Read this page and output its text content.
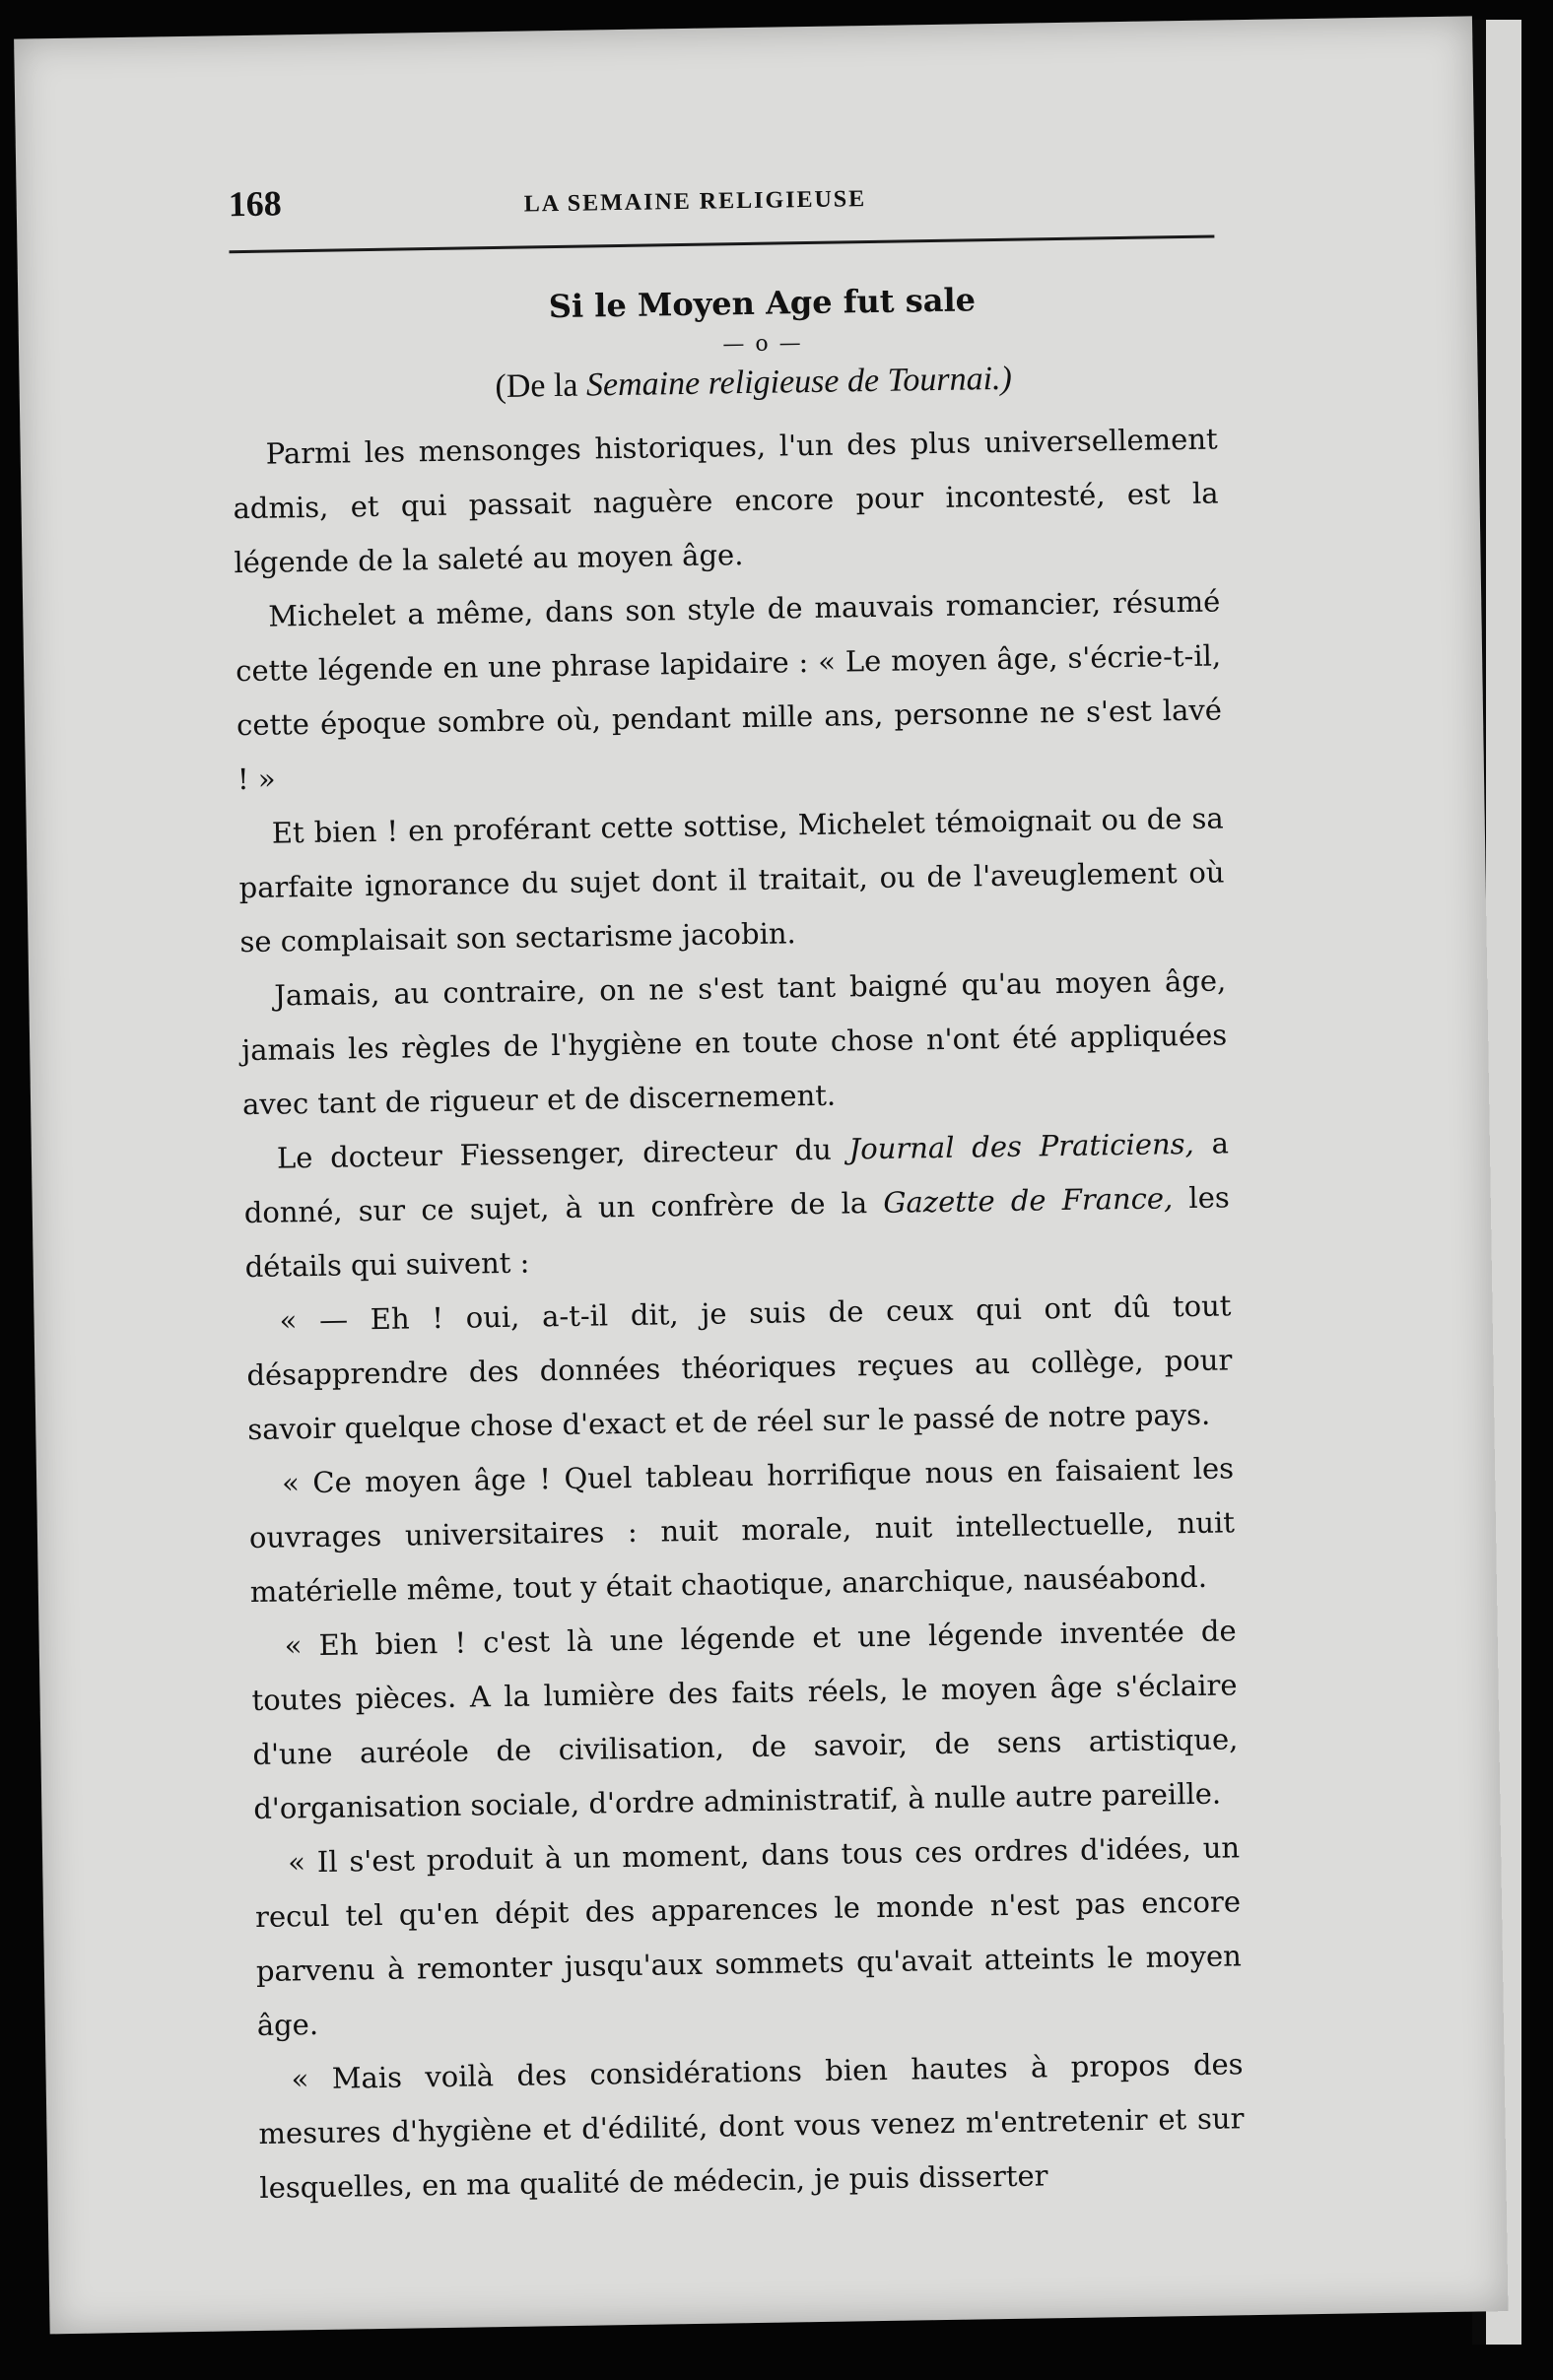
168	LA SEMAINE RELIGIEUSE
Si le Moyen Age fut sale
— o —
(De la Semaine religieuse de Tournai.)

Parmi les mensonges historiques, l'un des plus universellement admis, et qui passait naguère encore pour incontesté, est la légende de la saleté au moyen âge.

Michelet a même, dans son style de mauvais romancier, résumé cette légende en une phrase lapidaire : « Le moyen âge, s'écrie-t-il, cette époque sombre où, pendant mille ans, personne ne s'est lavé ! »

Et bien ! en proférant cette sottise, Michelet témoignait ou de sa parfaite ignorance du sujet dont il traitait, ou de l'aveuglement où se complaisait son sectarisme jacobin.

Jamais, au contraire, on ne s'est tant baigné qu'au moyen âge, jamais les règles de l'hygiène en toute chose n'ont été appliquées avec tant de rigueur et de discernement.

Le docteur Fiessenger, directeur du Journal des Praticiens, a donné, sur ce sujet, à un confrère de la Gazette de France, les détails qui suivent :

« — Eh ! oui, a-t-il dit, je suis de ceux qui ont dû tout désapprendre des données théoriques reçues au collège, pour savoir quelque chose d'exact et de réel sur le passé de notre pays.

« Ce moyen âge ! Quel tableau horrifique nous en faisaient les ouvrages universitaires : nuit morale, nuit intellectuelle, nuit matérielle même, tout y était chaotique, anarchique, nauséabond.

« Eh bien ! c'est là une légende et une légende inventée de toutes pièces. A la lumière des faits réels, le moyen âge s'éclaire d'une auréole de civilisation, de savoir, de sens artistique, d'organisation sociale, d'ordre administratif, à nulle autre pareille.

« Il s'est produit à un moment, dans tous ces ordres d'idées, un recul tel qu'en dépit des apparences le monde n'est pas encore parvenu à remonter jusqu'aux sommets qu'avait atteints le moyen âge.

« Mais voilà des considérations bien hautes à propos des mesures d'hygiène et d'édilité, dont vous venez m'entretenir et sur lesquelles, en ma qualité de médecin, je puis disserter
